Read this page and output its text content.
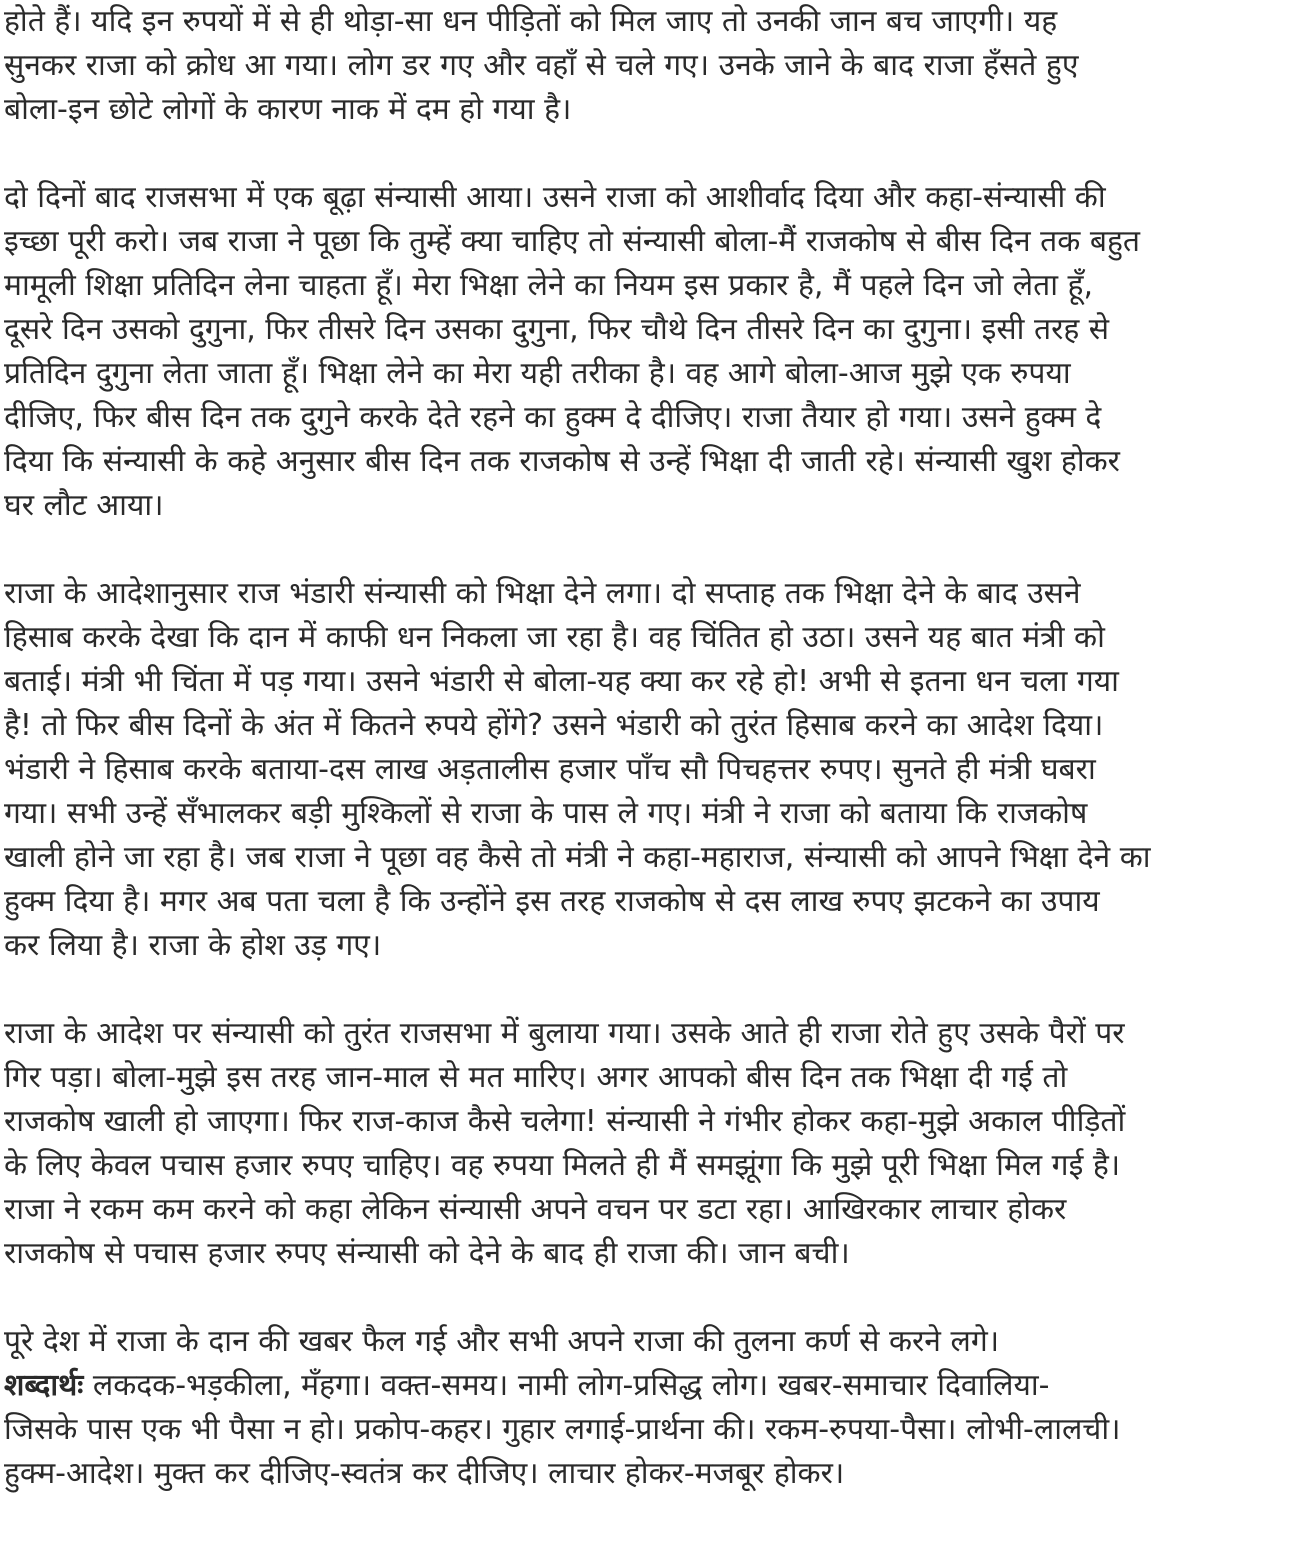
होते हैं। यदि इन रुपयों में से ही थोड़ा-सा धन पीड़ितों को मिल जाए तो उनकी जान बच जाएगी। यह
सुनकर राजा को क्रोध आ गया। लोग डर गए और वहाँ से चले गए। उनके जाने के बाद राजा हँसते हुए
बोला-इन छोटे लोगों के कारण नाक में दम हो गया है।
दो दिनों बाद राजसभा में एक बूढ़ा संन्यासी आया। उसने राजा को आशीर्वाद दिया और कहा-संन्यासी की
इच्छा पूरी करो। जब राजा ने पूछा कि तुम्हें क्या चाहिए तो संन्यासी बोला-मैं राजकोष से बीस दिन तक बहुत
मामूली शिक्षा प्रतिदिन लेना चाहता हूँ। मेरा भिक्षा लेने का नियम इस प्रकार है, मैं पहले दिन जो लेता हूँ,
दूसरे दिन उसको दुगुना, फिर तीसरे दिन उसका दुगुना, फिर चौथे दिन तीसरे दिन का दुगुना। इसी तरह से
प्रतिदिन दुगुना लेता जाता हूँ। भिक्षा लेने का मेरा यही तरीका है। वह आगे बोला-आज मुझे एक रुपया
दीजिए, फिर बीस दिन तक दुगुने करके देते रहने का हुक्म दे दीजिए। राजा तैयार हो गया। उसने हुक्म दे
दिया कि संन्यासी के कहे अनुसार बीस दिन तक राजकोष से उन्हें भिक्षा दी जाती रहे। संन्यासी खुश होकर
घर लौट आया।
राजा के आदेशानुसार राज भंडारी संन्यासी को भिक्षा देने लगा। दो सप्ताह तक भिक्षा देने के बाद उसने
हिसाब करके देखा कि दान में काफी धन निकला जा रहा है। वह चिंतित हो उठा। उसने यह बात मंत्री को
बताई। मंत्री भी चिंता में पड़ गया। उसने भंडारी से बोला-यह क्या कर रहे हो! अभी से इतना धन चला गया
है! तो फिर बीस दिनों के अंत में कितने रुपये होंगे? उसने भंडारी को तुरंत हिसाब करने का आदेश दिया।
भंडारी ने हिसाब करके बताया-दस लाख अड़तालीस हजार पाँच सौ पिचहत्तर रुपए। सुनते ही मंत्री घबरा
गया। सभी उन्हें सँभालकर बड़ी मुश्किलों से राजा के पास ले गए। मंत्री ने राजा को बताया कि राजकोष
खाली होने जा रहा है। जब राजा ने पूछा वह कैसे तो मंत्री ने कहा-महाराज, संन्यासी को आपने भिक्षा देने का
हुक्म दिया है। मगर अब पता चला है कि उन्होंने इस तरह राजकोष से दस लाख रुपए झटकने का उपाय
कर लिया है। राजा के होश उड़ गए।
राजा के आदेश पर संन्यासी को तुरंत राजसभा में बुलाया गया। उसके आते ही राजा रोते हुए उसके पैरों पर
गिर पड़ा। बोला-मुझे इस तरह जान-माल से मत मारिए। अगर आपको बीस दिन तक भिक्षा दी गई तो
राजकोष खाली हो जाएगा। फिर राज-काज कैसे चलेगा! संन्यासी ने गंभीर होकर कहा-मुझे अकाल पीड़ितों
के लिए केवल पचास हजार रुपए चाहिए। वह रुपया मिलते ही मैं समझूंगा कि मुझे पूरी भिक्षा मिल गई है।
राजा ने रकम कम करने को कहा लेकिन संन्यासी अपने वचन पर डटा रहा। आखिरकार लाचार होकर
राजकोष से पचास हजार रुपए संन्यासी को देने के बाद ही राजा की। जान बची।
पूरे देश में राजा के दान की खबर फैल गई और सभी अपने राजा की तुलना कर्ण से करने लगे।
शब्दार्थः लकदक-भड़कीला, मँहगा। वक्त-समय। नामी लोग-प्रसिद्ध लोग। खबर-समाचार दिवालिया-
जिसके पास एक भी पैसा न हो। प्रकोप-कहर। गुहार लगाई-प्रार्थना की। रकम-रुपया-पैसा। लोभी-लालची।
हुक्म-आदेश। मुक्त कर दीजिए-स्वतंत्र कर दीजिए। लाचार होकर-मजबूर होकर।
